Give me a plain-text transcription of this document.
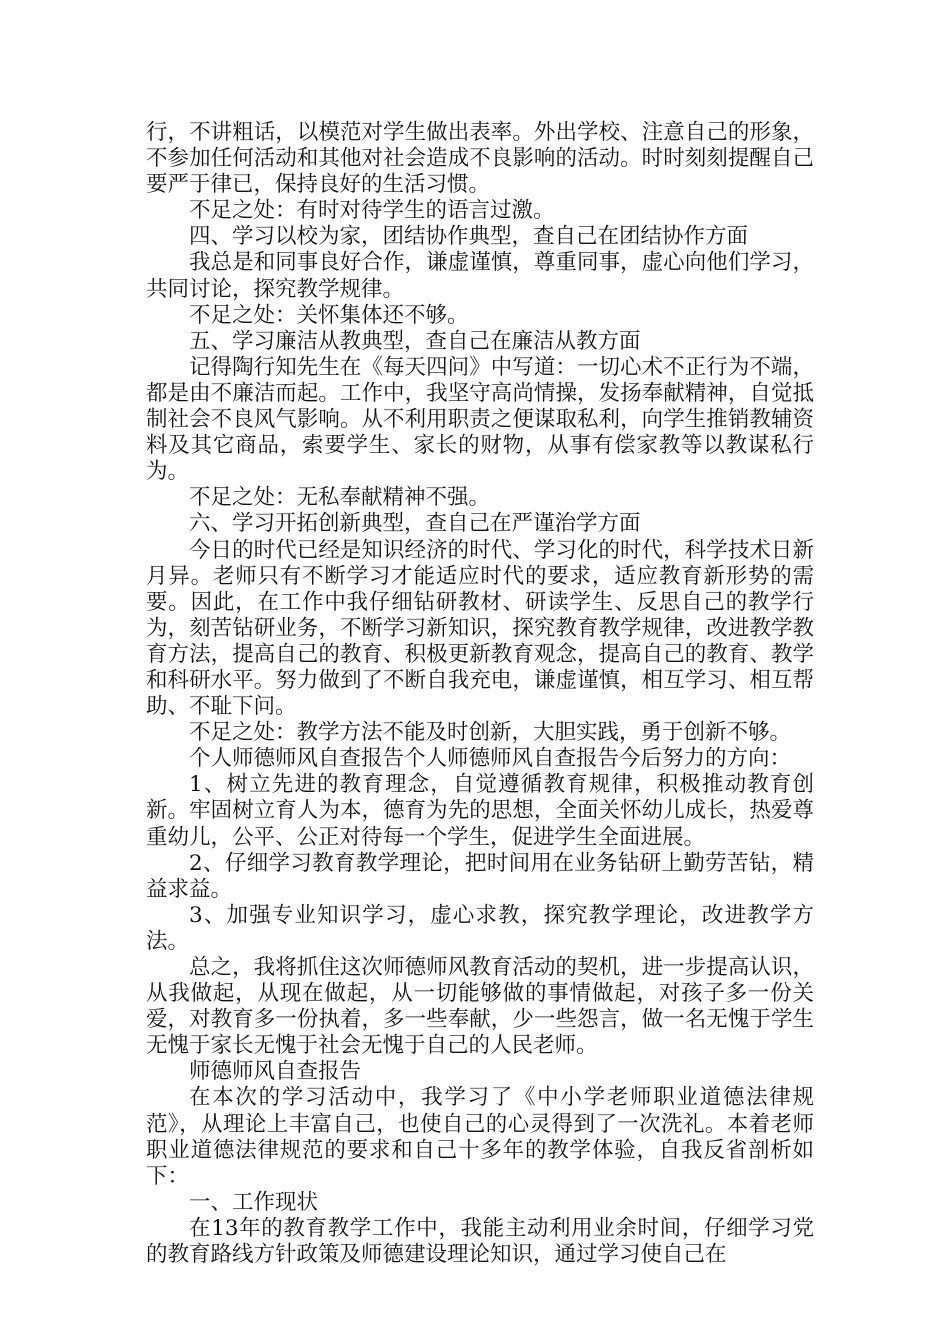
行，不讲粗话，以模范对学生做出表率。外出学校、注意自己的形象，不参加任何活动和其他对社会造成不良影响的活动。时时刻刻提醒自己要严于律已，保持良好的生活习惯。

不足之处：有时对待学生的语言过激。

四、学习以校为家，团结协作典型，查自己在团结协作方面

我总是和同事良好合作，谦虚谨慎，尊重同事，虚心向他们学习，共同讨论，探究教学规律。

不足之处：关怀集体还不够。

五、学习廉洁从教典型，查自己在廉洁从教方面

记得陶行知先生在《每天四问》中写道：一切心术不正行为不端，都是由不廉洁而起。工作中，我坚守高尚情操，发扬奉献精神，自觉抵制社会不良风气影响。从不利用职责之便谋取私利，向学生推销教辅资料及其它商品，索要学生、家长的财物，从事有偿家教等以教谋私行为。

不足之处：无私奉献精神不强。

六、学习开拓创新典型，查自己在严谨治学方面

今日的时代已经是知识经济的时代、学习化的时代，科学技术日新月异。老师只有不断学习才能适应时代的要求，适应教育新形势的需要。因此，在工作中我仔细钻研教材、研读学生、反思自己的教学行为，刻苦钻研业务，不断学习新知识，探究教育教学规律，改进教学教育方法，提高自己的教育、积极更新教育观念，提高自己的教育、教学和科研水平。努力做到了不断自我充电，谦虚谨慎，相互学习、相互帮助、不耻下问。

不足之处：教学方法不能及时创新，大胆实践，勇于创新不够。

个人师德师风自查报告个人师德师风自查报告今后努力的方向：

1、树立先进的教育理念，自觉遵循教育规律，积极推动教育创新。牢固树立育人为本，德育为先的思想，全面关怀幼儿成长，热爱尊重幼儿，公平、公正对待每一个学生，促进学生全面进展。

2、仔细学习教育教学理论，把时间用在业务钻研上勤劳苦钻，精益求益。

3、加强专业知识学习，虚心求教，探究教学理论，改进教学方法。

总之，我将抓住这次师德师风教育活动的契机，进一步提高认识，从我做起，从现在做起，从一切能够做的事情做起，对孩子多一份关爱，对教育多一份执着，多一些奉献，少一些怨言，做一名无愧于学生无愧于家长无愧于社会无愧于自己的人民老师。

师德师风自查报告

在本次的学习活动中，我学习了《中小学老师职业道德法律规范》，从理论上丰富自己，也使自己的心灵得到了一次洗礼。本着老师职业道德法律规范的要求和自己十多年的教学体验，自我反省剖析如下：

一、工作现状

在13年的教育教学工作中，我能主动利用业余时间，仔细学习党的教育路线方针政策及师德建设理论知识，通过学习使自己在
